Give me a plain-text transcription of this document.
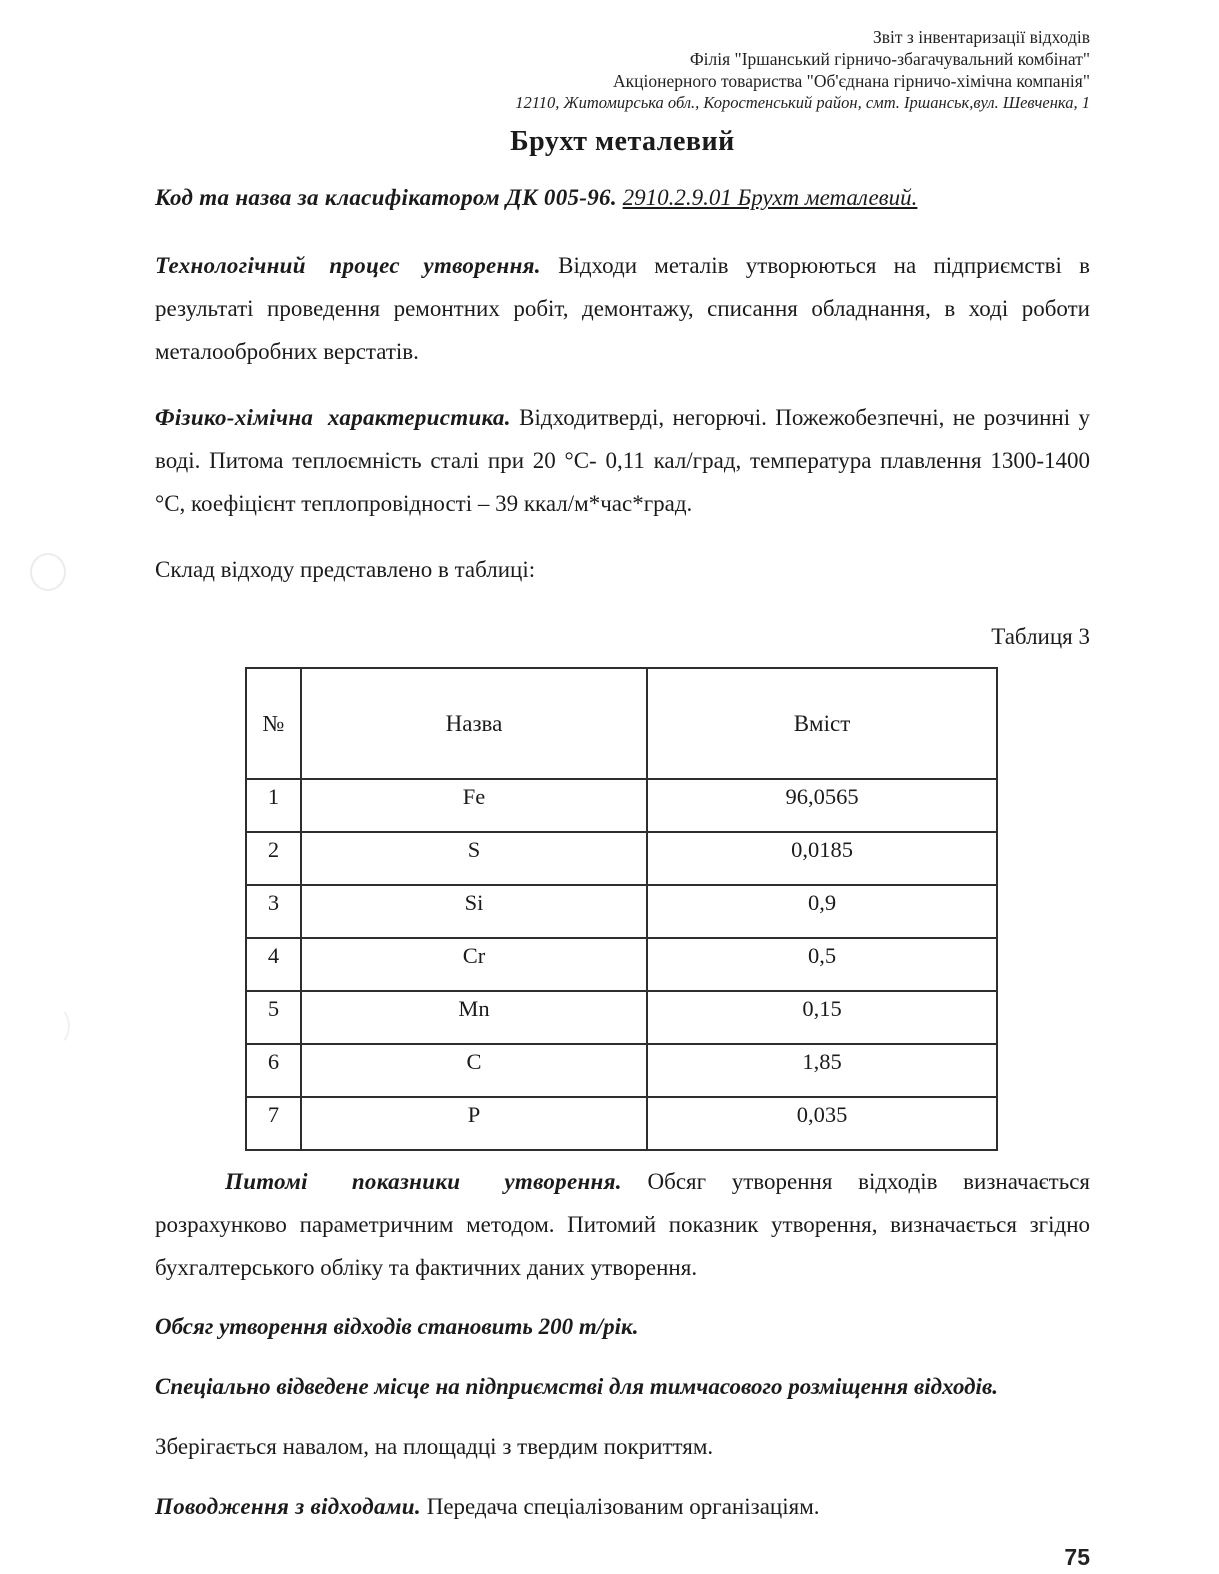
Звіт з інвентаризації відходів
Філія "Іршанський гірничо-збагачувальний комбінат"
Акціонерного товариства "Об'єднана гірничо-хімічна компанія"
12110, Житомирська обл., Коростенський район, смт. Іршанськ,вул. Шевченка, 1
Брухт металевий
Код та назва за класифікатором ДК 005-96. 2910.2.9.01 Брухт металевий.

Технологічний процес утворення. Відходи металів утворюються на підприємстві в результаті проведення ремонтних робіт, демонтажу, списання обладнання, в ході роботи металообробних верстатів.

Фізико-хімічна характеристика. Відходитверді, негорючі. Пожежобезпечні, не розчинні у воді. Питома теплоємність сталі при 20 °С- 0,11 кал/град, температура плавлення 1300-1400 °С, коефіцієнт теплопровідності – 39 ккал/м*час*град.

Склад відходу представлено в таблиці:

Таблиця 3
№	Назва	Вміст
1	Fe	96,0565
2	S	0,0185
3	Si	0,9
4	Cr	0,5
5	Mn	0,15
6	C	1,85
7	P	0,035

Питомі показники утворення. Обсяг утворення відходів визначається розрахунково параметричним методом. Питомий показник утворення, визначається згідно бухгалтерського обліку та фактичних даних утворення.

Обсяг утворення відходів становить 200 т/рік.
Спеціально відведене місце на підприємстві для тимчасового розміщення відходів.
Зберігається навалом, на площадці з твердим покриттям.
Поводження з відходами. Передача спеціалізованим організаціям.
75
